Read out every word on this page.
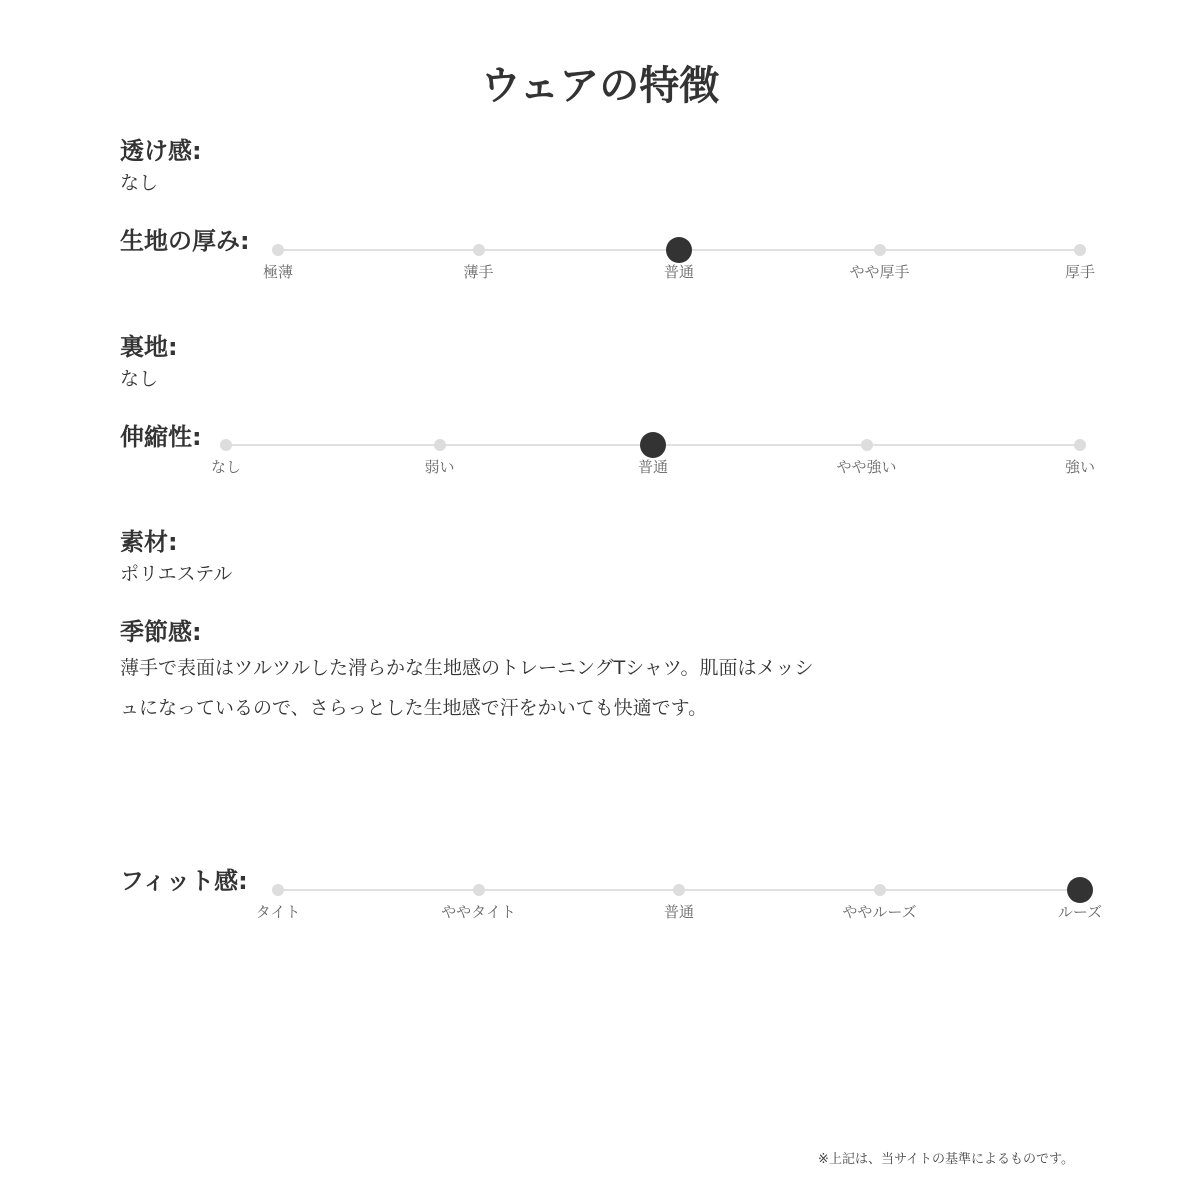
ウェアの特徴
透け感:
なし
生地の厚み:
極薄	薄手	普通	やや厚手	厚手
裏地:
なし
伸縮性:
なし	弱い	普通	やや強い	強い
素材:
ポリエステル
季節感:
薄手で表面はツルツルした滑らかな生地感のトレーニングTシャツ。肌面はメッシ
ュになっているので、さらっとした生地感で汗をかいても快適です。
フィット感:
タイト	ややタイト	普通	ややルーズ	ルーズ
※上記は、当サイトの基準によるものです。
